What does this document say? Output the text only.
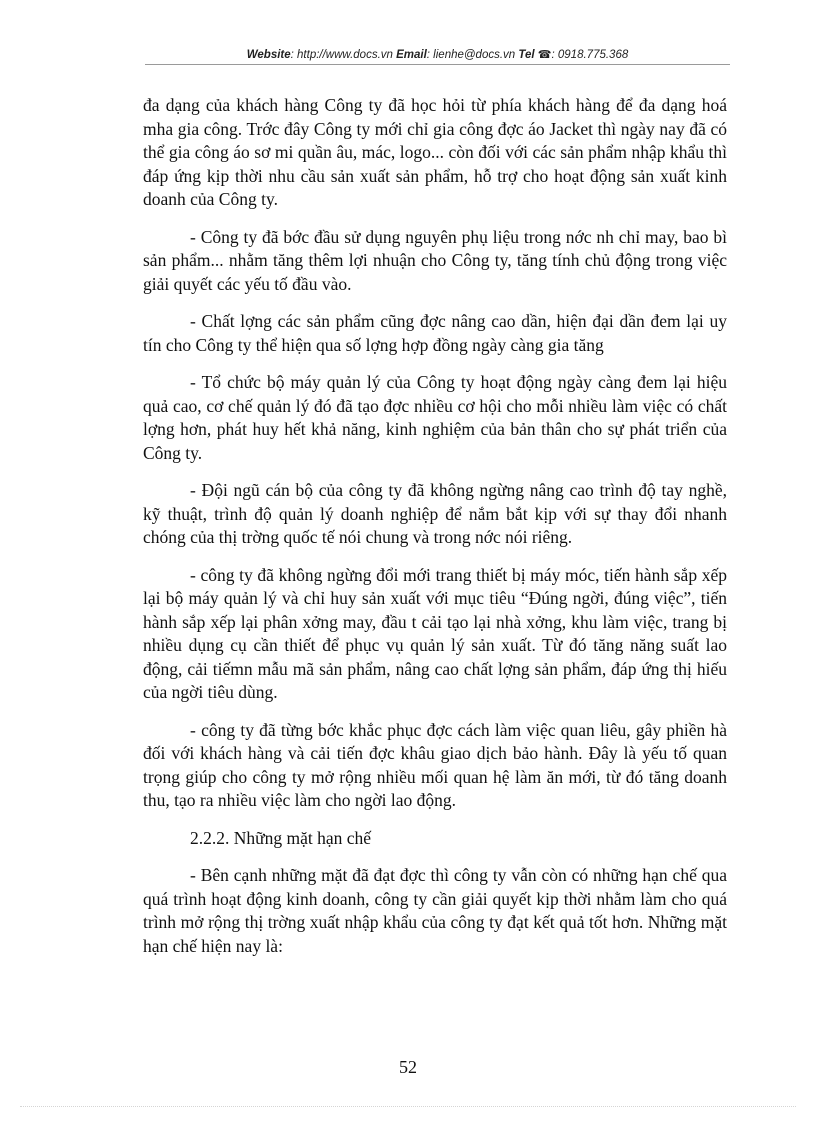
Website: http://www.docs.vn Email: lienhe@docs.vn Tel ☎: 0918.775.368

đa dạng của khách hàng Công ty đã học hỏi từ phía khách hàng để đa dạng hoá mha gia công. Trớc đây Công ty mới chỉ gia công đợc áo Jacket thì ngày nay đã có thể gia công áo sơ mi quần âu, mác, logo... còn đối với các sản phẩm nhập khẩu thì đáp ứng kịp thời nhu cầu sản xuất sản phẩm, hỗ trợ cho hoạt động sản xuất kinh doanh của Công ty.

- Công ty đã bớc đầu sử dụng nguyên phụ liệu trong nớc nh chỉ may, bao bì sản phẩm... nhằm tăng thêm lợi nhuận cho Công ty, tăng tính chủ động trong việc giải quyết các yếu tố đầu vào.

- Chất lợng các sản phẩm cũng đợc nâng cao dần, hiện đại dần đem lại uy tín cho Công ty thể hiện qua số lợng hợp đồng ngày càng gia tăng

- Tổ chức bộ máy quản lý của Công ty hoạt động ngày càng đem lại hiệu quả cao, cơ chế quản lý đó đã tạo đợc nhiều cơ hội cho mỗi nhiều làm việc có chất lợng hơn, phát huy hết khả năng, kinh nghiệm của bản thân cho sự phát triển của Công ty.

- Đội ngũ cán bộ của công ty đã không ngừng nâng cao trình độ tay nghề, kỹ thuật, trình độ quản lý doanh nghiệp để nắm bắt kịp với sự thay đổi nhanh chóng của thị trờng quốc tế nói chung và trong nớc nói riêng.

- công ty đã không ngừng đổi mới trang thiết bị máy móc, tiến hành sắp xếp lại bộ máy quản lý và chỉ huy sản xuất với mục tiêu “Đúng ngời, đúng việc”, tiến hành sắp xếp lại phân xởng may, đầu t cải tạo lại nhà xởng, khu làm việc, trang bị nhiều dụng cụ cần thiết để phục vụ quản lý sản xuất. Từ đó tăng năng suất lao động, cải tiếmn mẫu mã sản phẩm, nâng cao chất lợng sản phẩm, đáp ứng thị hiếu của ngời tiêu dùng.

- công ty đã từng bớc khắc phục đợc cách làm việc quan liêu, gây phiền hà đối với khách hàng và cải tiến đợc khâu giao dịch bảo hành. Đây là yếu tố quan trọng giúp cho công ty mở rộng nhiều mối quan hệ làm ăn mới, từ đó tăng doanh thu, tạo ra nhiều việc làm cho ngời lao động.

2.2.2. Những mặt hạn chế

- Bên cạnh những mặt đã đạt đợc thì công ty vẫn còn có những hạn chế qua quá trình hoạt động kinh doanh, công ty cần giải quyết kịp thời nhằm làm cho quá trình mở rộng thị trờng xuất nhập khẩu của công ty đạt kết quả tốt hơn. Những mặt hạn chế hiện nay là:

52
